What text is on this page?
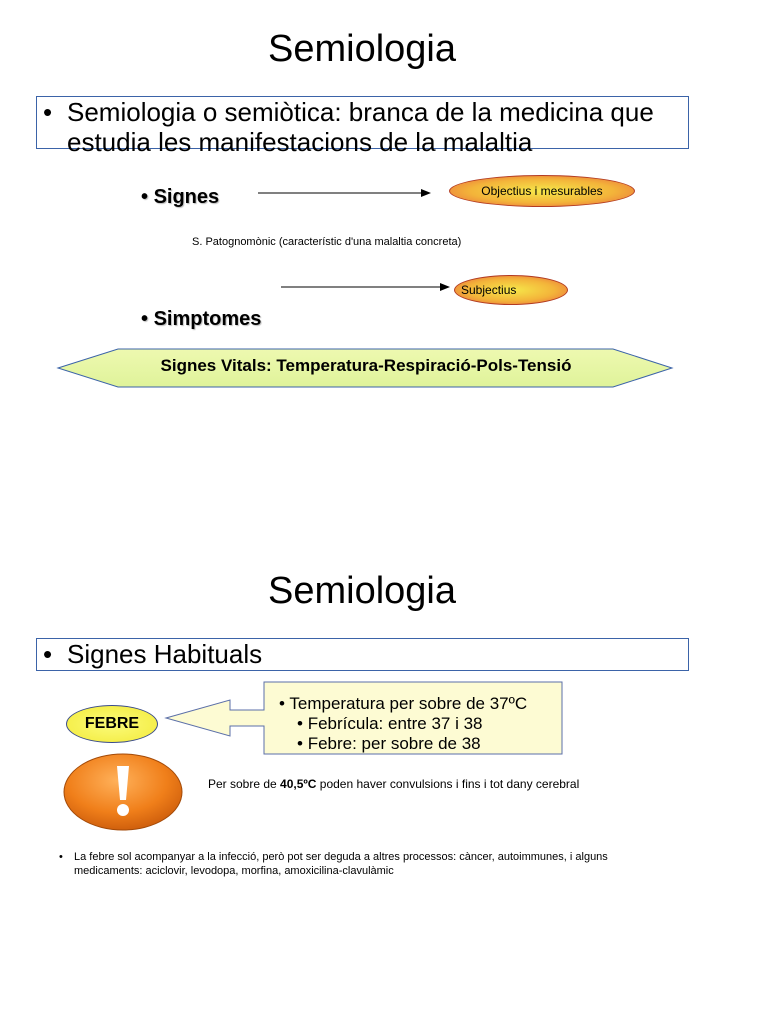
Semiologia
• Semiologia o semiòtica: branca de la medicina que estudia les manifestacions de la malaltia
• Signes	Objectius i mesurables
S. Patognomònic (característic d'una malaltia concreta)
Subjectius
• Simptomes
Signes Vitals: Temperatura-Respiració-Pols-Tensió
Semiologia
• Signes Habituals
FEBRE
• Temperatura per sobre de 37ºC
• Febrícula: entre 37 i 38
• Febre: per sobre de 38
Per sobre de 40,5ºC poden haver convulsions i fins i tot dany cerebral
•	La febre sol acompanyar a la infecció, però pot ser deguda a altres processos: càncer, autoimmunes, i alguns medicaments: aciclovir, levodopa, morfina, amoxicilina-clavulàmic
